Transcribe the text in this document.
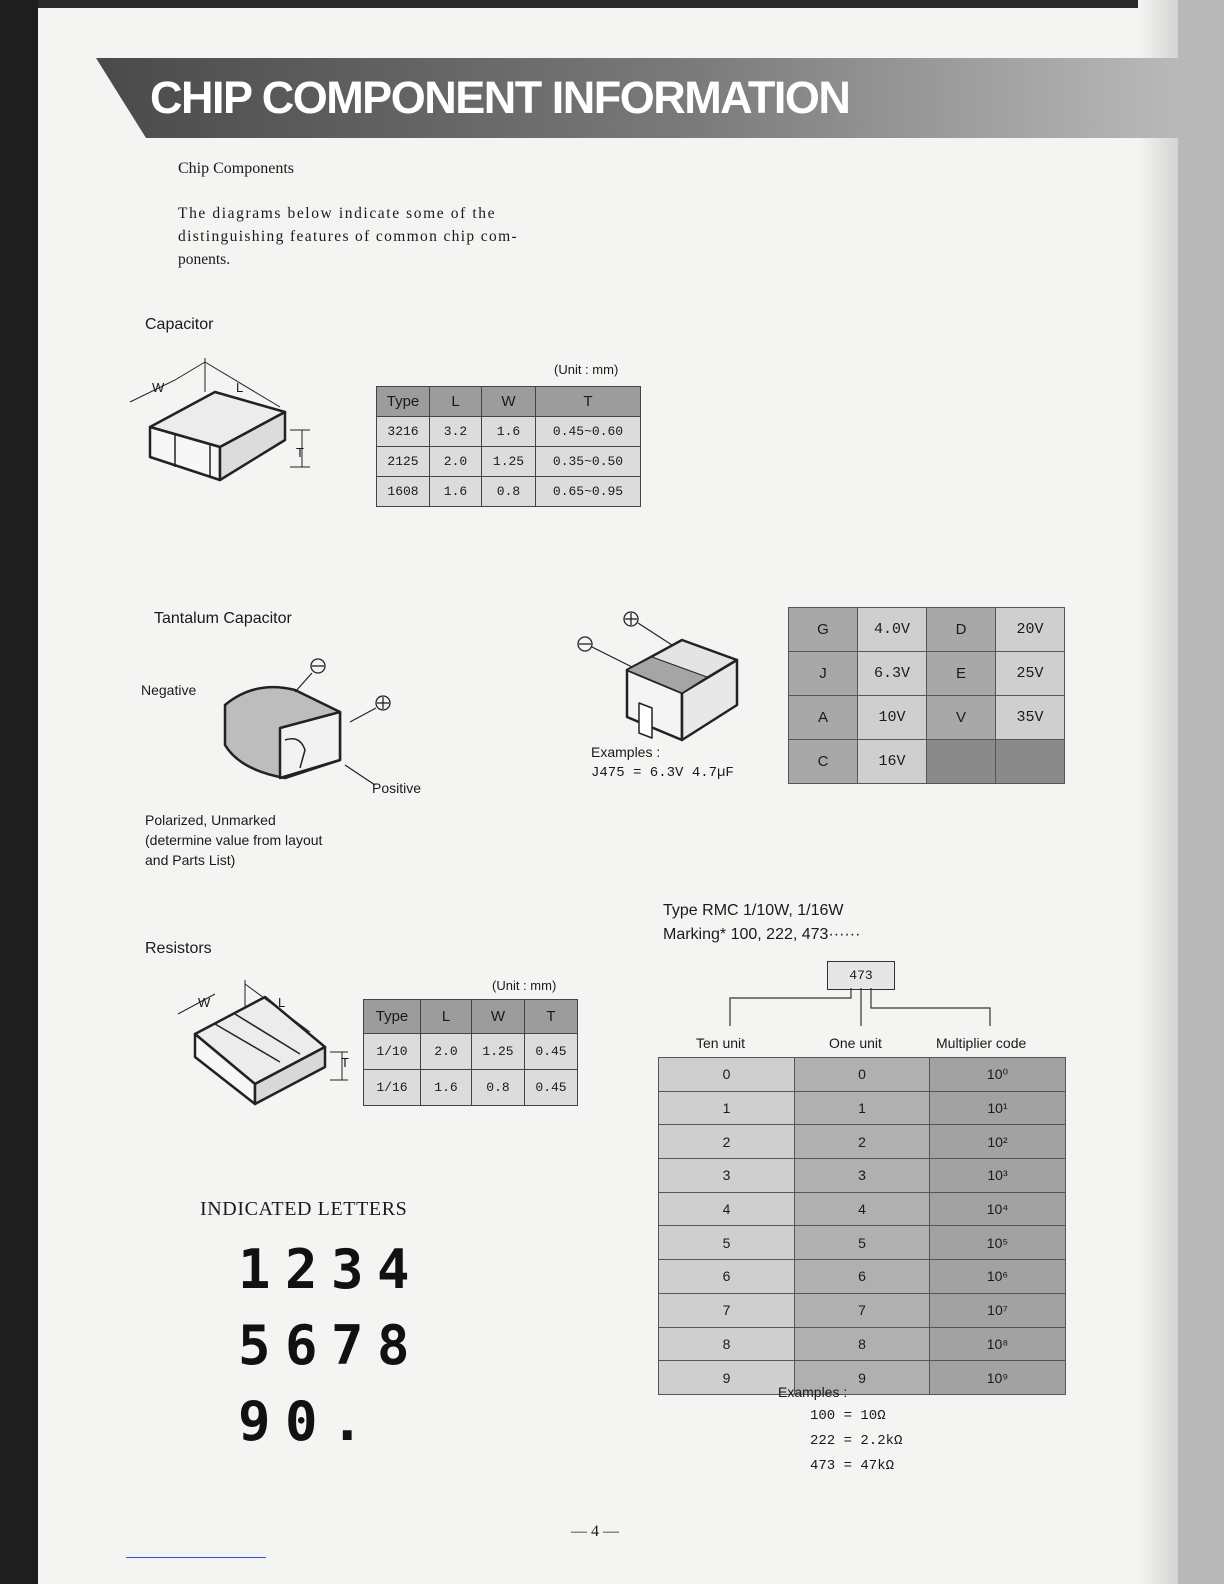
CHIP COMPONENT INFORMATION
Chip Components
The diagrams below indicate some of the
distinguishing features of common chip com-
ponents.
Capacitor
W	L
T
(Unit : mm)
Type	L	W	T
3216	3.2	1.6	0.45~0.60
2125	2.0	1.25	0.35~0.50
1608	1.6	0.8	0.65~0.95
Tantalum Capacitor
Negative
Positive
Polarized, Unmarked
(determine value from layout
and Parts List)
Examples :
J475 = 6.3V 4.7µF
G	4.0V	D	20V
J	6.3V	E	25V
A	10V	V	35V
C	16V		
Resistors
W	L
T
(Unit : mm)
Type	L	W	T
1/10	2.0	1.25	0.45
1/16	1.6	0.8	0.45
Type RMC 1/10W, 1/16W
Marking* 100, 222, 473······
473
Ten unit	One unit	Multiplier code
0	0	10⁰
1	1	10¹
2	2	10²
3	3	10³
4	4	10⁴
5	5	10⁵
6	6	10⁶
7	7	10⁷
8	8	10⁸
9	9	10⁹
Examples :
100 = 10Ω
222 = 2.2kΩ
473 = 47kΩ
INDICATED LETTERS
1 2 3 4
5 6 7 8
9 0 .
— 4 —
